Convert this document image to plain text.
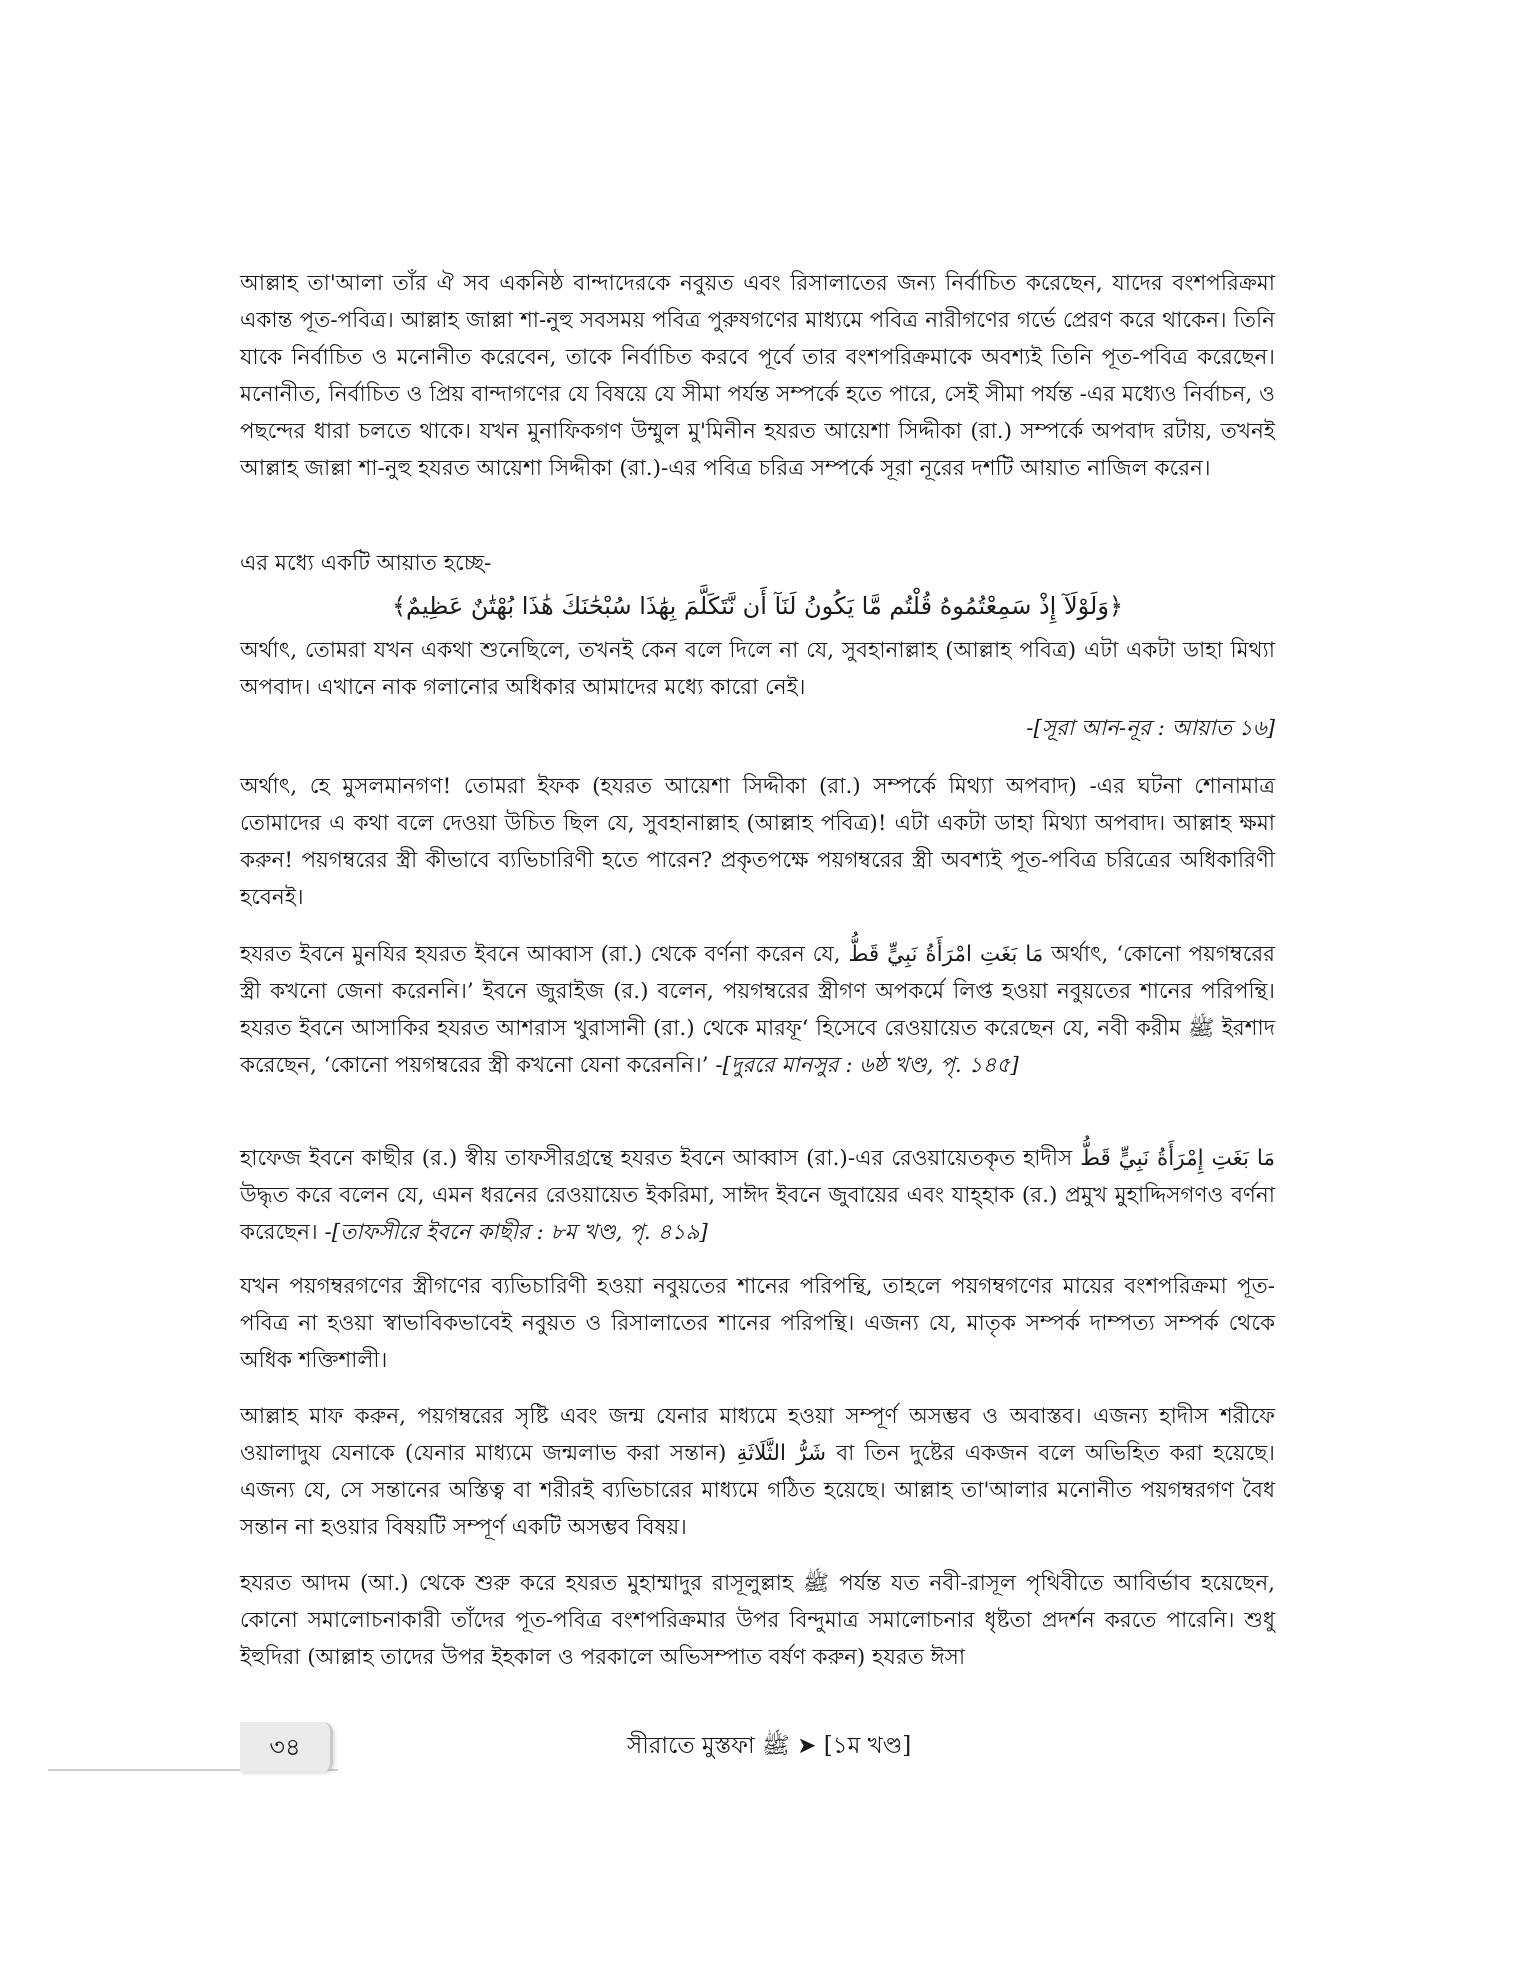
আল্লাহ তা'আলা তাঁর ঐ সব একনিষ্ঠ বান্দাদেরকে নবুয়ত এবং রিসালাতের জন্য নির্বাচিত করেছেন, যাদের বংশপরিক্রমা একান্ত পূত-পবিত্র। আল্লাহ জাল্লা শা-নুহু সবসময় পবিত্র পুরুষগণের মাধ্যমে পবিত্র নারীগণের গর্ভে প্রেরণ করে থাকেন। তিনি যাকে নির্বাচিত ও মনোনীত করেবেন, তাকে নির্বাচিত করবে পূর্বে তার বংশপরিক্রমাকে অবশ্যই তিনি পূত-পবিত্র করেছেন। মনোনীত, নির্বাচিত ও প্রিয় বান্দাগণের যে বিষয়ে যে সীমা পর্যন্ত সম্পর্কে হতে পারে, সেই সীমা পর্যন্ত -এর মধ্যেও নির্বাচন, ও পছন্দের ধারা চলতে থাকে। যখন মুনাফিকগণ উম্মুল মু'মিনীন হযরত আয়েশা সিদ্দীকা (রা.) সম্পর্কে অপবাদ রটায়, তখনই আল্লাহ জাল্লা শা-নুহু হযরত আয়েশা সিদ্দীকা (রা.)-এর পবিত্র চরিত্র সম্পর্কে সূরা নূরের দশটি আয়াত নাজিল করেন।

এর মধ্যে একটি আয়াত হচ্ছে-

﴿وَلَوْلَآ إِذْ سَمِعْتُمُوهُ قُلْتُم مَّا يَكُونُ لَنَآ أَن نَّتَكَلَّمَ بِهَٰذَا سُبْحَٰنَكَ هَٰذَا بُهْتَٰنٌ عَظِيمٌ﴾

অর্থাৎ, তোমরা যখন একথা শুনেছিলে, তখনই কেন বলে দিলে না যে, সুবহানাল্লাহ (আল্লাহ পবিত্র) এটা একটা ডাহা মিথ্যা অপবাদ। এখানে নাক গলানোর অধিকার আমাদের মধ্যে কারো নেই।

-[সূরা আন-নূর : আয়াত ১৬]

অর্থাৎ, হে মুসলমানগণ! তোমরা ইফক (হযরত আয়েশা সিদ্দীকা (রা.) সম্পর্কে মিথ্যা অপবাদ) -এর ঘটনা শোনামাত্র তোমাদের এ কথা বলে দেওয়া উচিত ছিল যে, সুবহানাল্লাহ (আল্লাহ পবিত্র)! এটা একটা ডাহা মিথ্যা অপবাদ। আল্লাহ ক্ষমা করুন! পয়গম্বরের স্ত্রী কীভাবে ব্যভিচারিণী হতে পারেন? প্রকৃতপক্ষে পয়গম্বরের স্ত্রী অবশ্যই পূত-পবিত্র চরিত্রের অধিকারিণী হবেনই।

হযরত ইবনে মুনযির হযরত ইবনে আব্বাস (রা.) থেকে বর্ণনা করেন যে, مَا بَغَتِ امْرَأَةُ نَبِيٍّ قَطُّ অর্থাৎ, ‘কোনো পয়গম্বরের স্ত্রী কখনো জেনা করেননি।’ ইবনে জুরাইজ (র.) বলেন, পয়গম্বরের স্ত্রীগণ অপকর্মে লিপ্ত হওয়া নবুয়তের শানের পরিপন্থি। হযরত ইবনে আসাকির হযরত আশরাস খুরাসানী (রা.) থেকে মারফূ‘ হিসেবে রেওয়ায়েত করেছেন যে, নবী করীম ﷺ ইরশাদ করেছেন, ‘কোনো পয়গম্বরের স্ত্রী কখনো যেনা করেননি।’ -[দুররে মানসুর : ৬ষ্ঠ খণ্ড, পৃ. ১৪৫]

হাফেজ ইবনে কাছীর (র.) স্বীয় তাফসীরগ্রন্থে হযরত ইবনে আব্বাস (রা.)-এর রেওয়ায়েতকৃত হাদীস مَا بَغَتِ إِمْرَأَةُ نَبِيٍّ قَطُّ উদ্ধৃত করে বলেন যে, এমন ধরনের রেওয়ায়েত ইকরিমা, সাঈদ ইবনে জুবায়ের এবং যাহ্হাক (র.) প্রমুখ মুহাদ্দিসগণও বর্ণনা করেছেন। -[তাফসীরে ইবনে কাছীর : ৮ম খণ্ড, পৃ. ৪১৯]

যখন পয়গম্বরগণের স্ত্রীগণের ব্যভিচারিণী হওয়া নবুয়তের শানের পরিপন্থি, তাহলে পয়গম্বগণের মায়ের বংশপরিক্রমা পূত-পবিত্র না হওয়া স্বাভাবিকভাবেই নবুয়ত ও রিসালাতের শানের পরিপন্থি। এজন্য যে, মাতৃক সম্পর্ক দাম্পত্য সম্পর্ক থেকে অধিক শক্তিশালী।

আল্লাহ মাফ করুন, পয়গম্বরের সৃষ্টি এবং জন্ম যেনার মাধ্যমে হওয়া সম্পূর্ণ অসম্ভব ও অবাস্তব। এজন্য হাদীস শরীফে ওয়ালাদুয যেনাকে (যেনার মাধ্যমে জন্মলাভ করা সন্তান) شَرُّ الثَّلَاثَةِ বা তিন দুষ্টের একজন বলে অভিহিত করা হয়েছে। এজন্য যে, সে সন্তানের অস্তিত্ব বা শরীরই ব্যভিচারের মাধ্যমে গঠিত হয়েছে। আল্লাহ তা'আলার মনোনীত পয়গম্বরগণ বৈধ সন্তান না হওয়ার বিষয়টি সম্পূর্ণ একটি অসম্ভব বিষয়।

হযরত আদম (আ.) থেকে শুরু করে হযরত মুহাম্মাদুর রাসূলুল্লাহ ﷺ পর্যন্ত যত নবী-রাসূল পৃথিবীতে আবির্ভাব হয়েছেন, কোনো সমালোচনাকারী তাঁদের পূত-পবিত্র বংশপরিক্রমার উপর বিন্দুমাত্র সমালোচনার ধৃষ্টতা প্রদর্শন করতে পারেনি। শুধু ইহুদিরা (আল্লাহ তাদের উপর ইহকাল ও পরকালে অভিসম্পাত বর্ষণ করুন) হযরত ঈসা

৩৪	সীরাতে মুস্তফা ﷺ ➤ [১ম খণ্ড]
